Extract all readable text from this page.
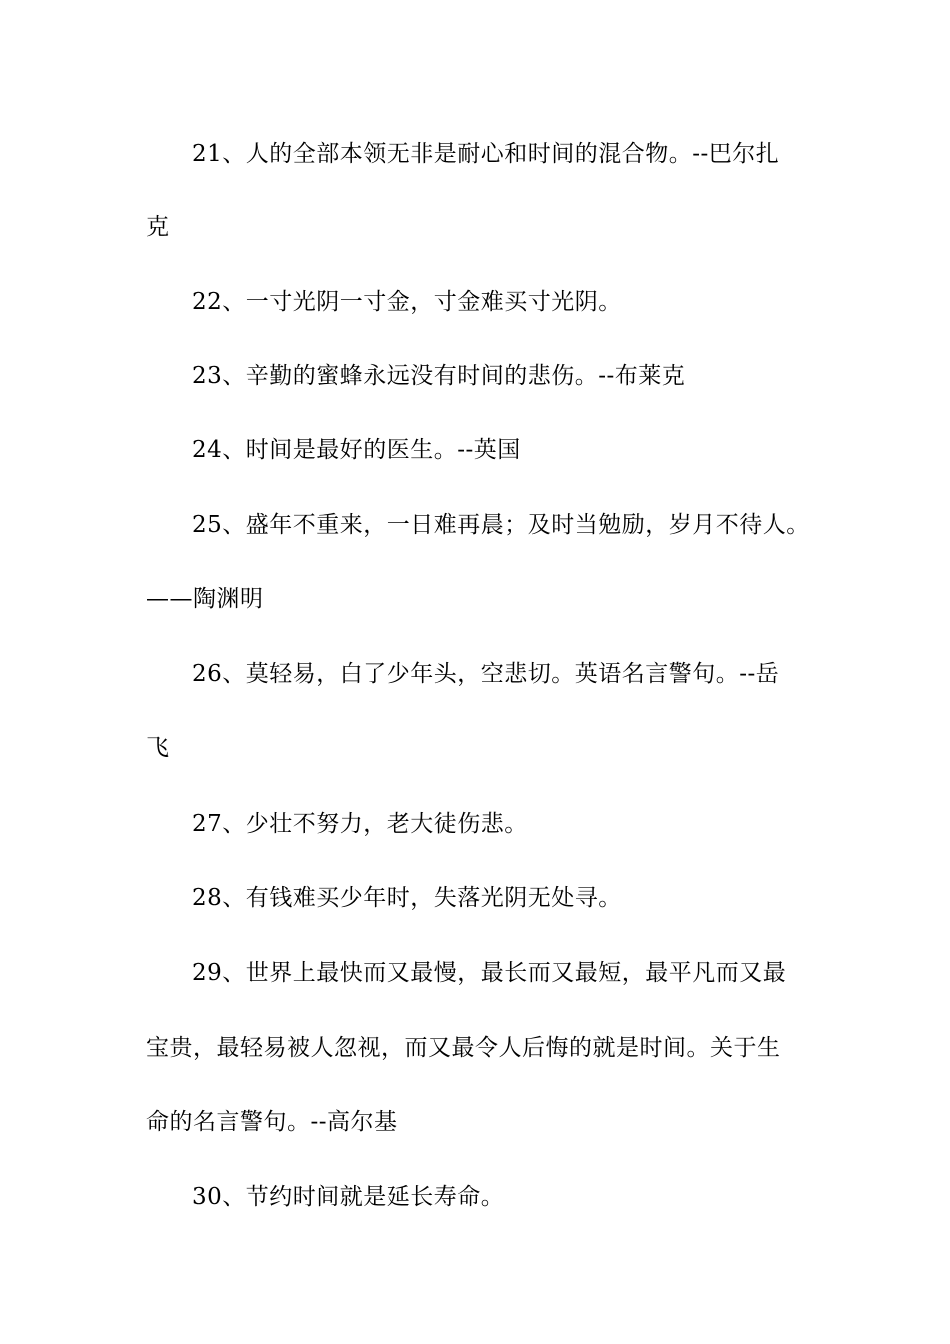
21、人的全部本领无非是耐心和时间的混合物。--巴尔扎
克
22、一寸光阴一寸金，寸金难买寸光阴。
23、辛勤的蜜蜂永远没有时间的悲伤。--布莱克
24、时间是最好的医生。--英国
25、盛年不重来，一日难再晨；及时当勉励，岁月不待人。
——陶渊明
26、莫轻易，白了少年头，空悲切。英语名言警句。--岳
飞
27、少壮不努力，老大徒伤悲。
28、有钱难买少年时，失落光阴无处寻。
29、世界上最快而又最慢，最长而又最短，最平凡而又最
宝贵，最轻易被人忽视，而又最令人后悔的就是时间。关于生
命的名言警句。--高尔基
30、节约时间就是延长寿命。
